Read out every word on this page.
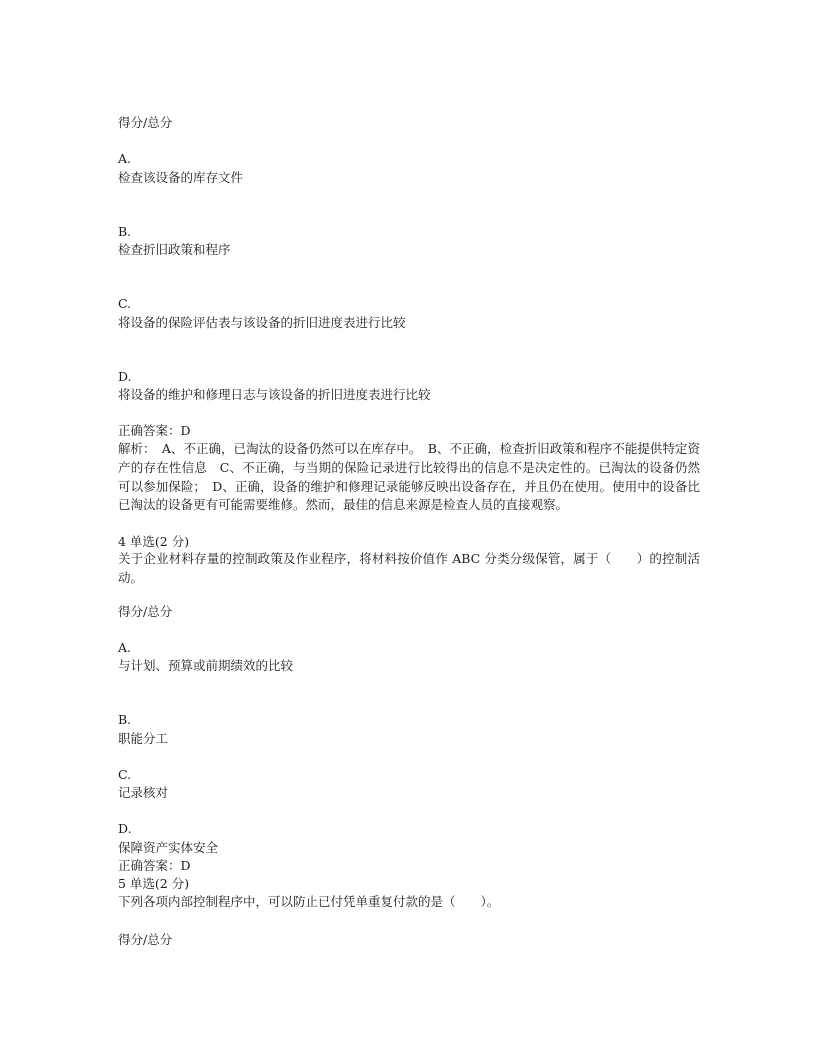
得分/总分

A.

检查该设备的库存文件

B.

检查折旧政策和程序

C.

将设备的保险评估表与该设备的折旧进度表进行比较

D.

将设备的维护和修理日志与该设备的折旧进度表进行比较

正确答案：D

解析：　A、不正确，已淘汰的设备仍然可以在库存中。　B、不正确，检查折旧政策和程序不能提供特定资产的存在性信息　C、不正确，与当期的保险记录进行比较得出的信息不是决定性的。已淘汰的设备仍然可以参加保险；　D、正确，设备的维护和修理记录能够反映出设备存在，并且仍在使用。使用中的设备比已淘汰的设备更有可能需要维修。然而，最佳的信息来源是检查人员的直接观察。

4 单选(2 分)

关于企业材料存量的控制政策及作业程序，将材料按价值作 ABC 分类分级保管，属于（　　）的控制活动。

得分/总分

A.

与计划、预算或前期绩效的比较

B.

职能分工

C.

记录核对

D.

保障资产实体安全

正确答案：D

5 单选(2 分)

下列各项内部控制程序中，可以防止已付凭单重复付款的是（　　）。

得分/总分
